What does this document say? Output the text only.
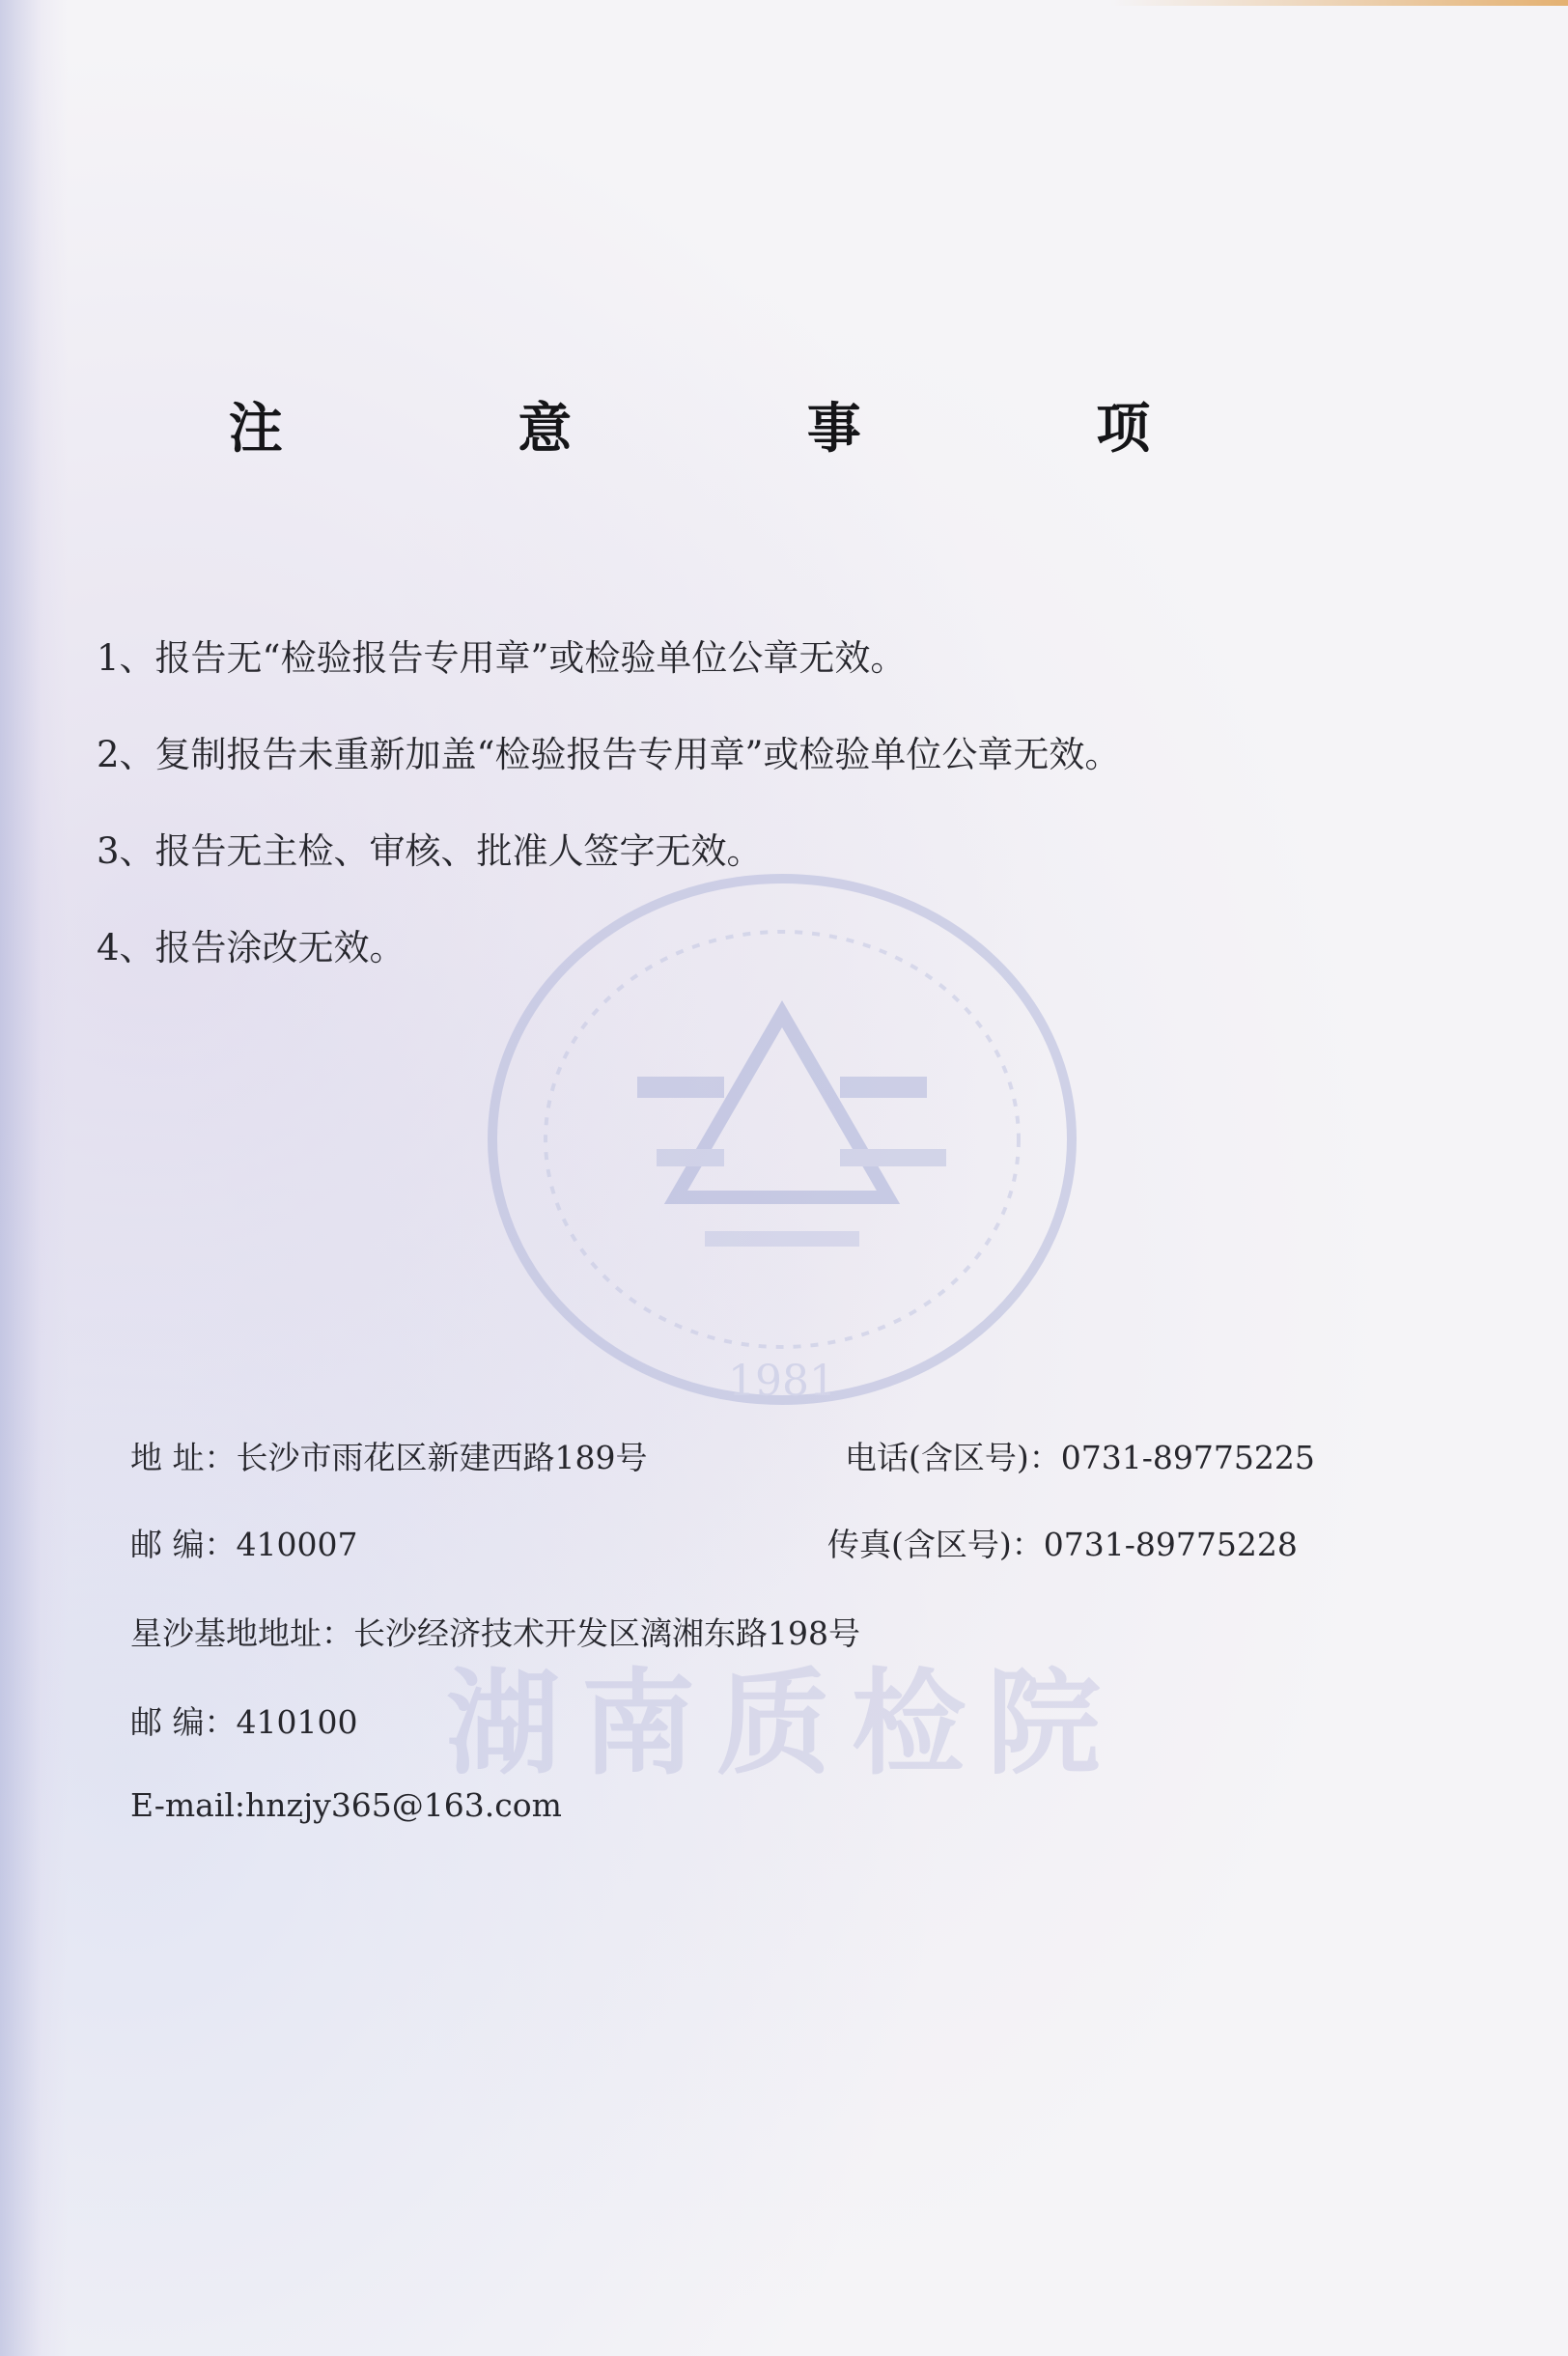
1981
湖南质检院
注 意 事 项
1、报告无“检验报告专用章”或检验单位公章无效。
2、复制报告未重新加盖“检验报告专用章”或检验单位公章无效。
3、报告无主检、审核、批准人签字无效。
4、报告涂改无效。
地 址：长沙市雨花区新建西路189号	电话(含区号)：0731-89775225
邮 编：410007	传真(含区号)：0731-89775228
星沙基地地址：长沙经济技术开发区漓湘东路198号
邮 编：410100
E-mail:hnzjy365@163.com
